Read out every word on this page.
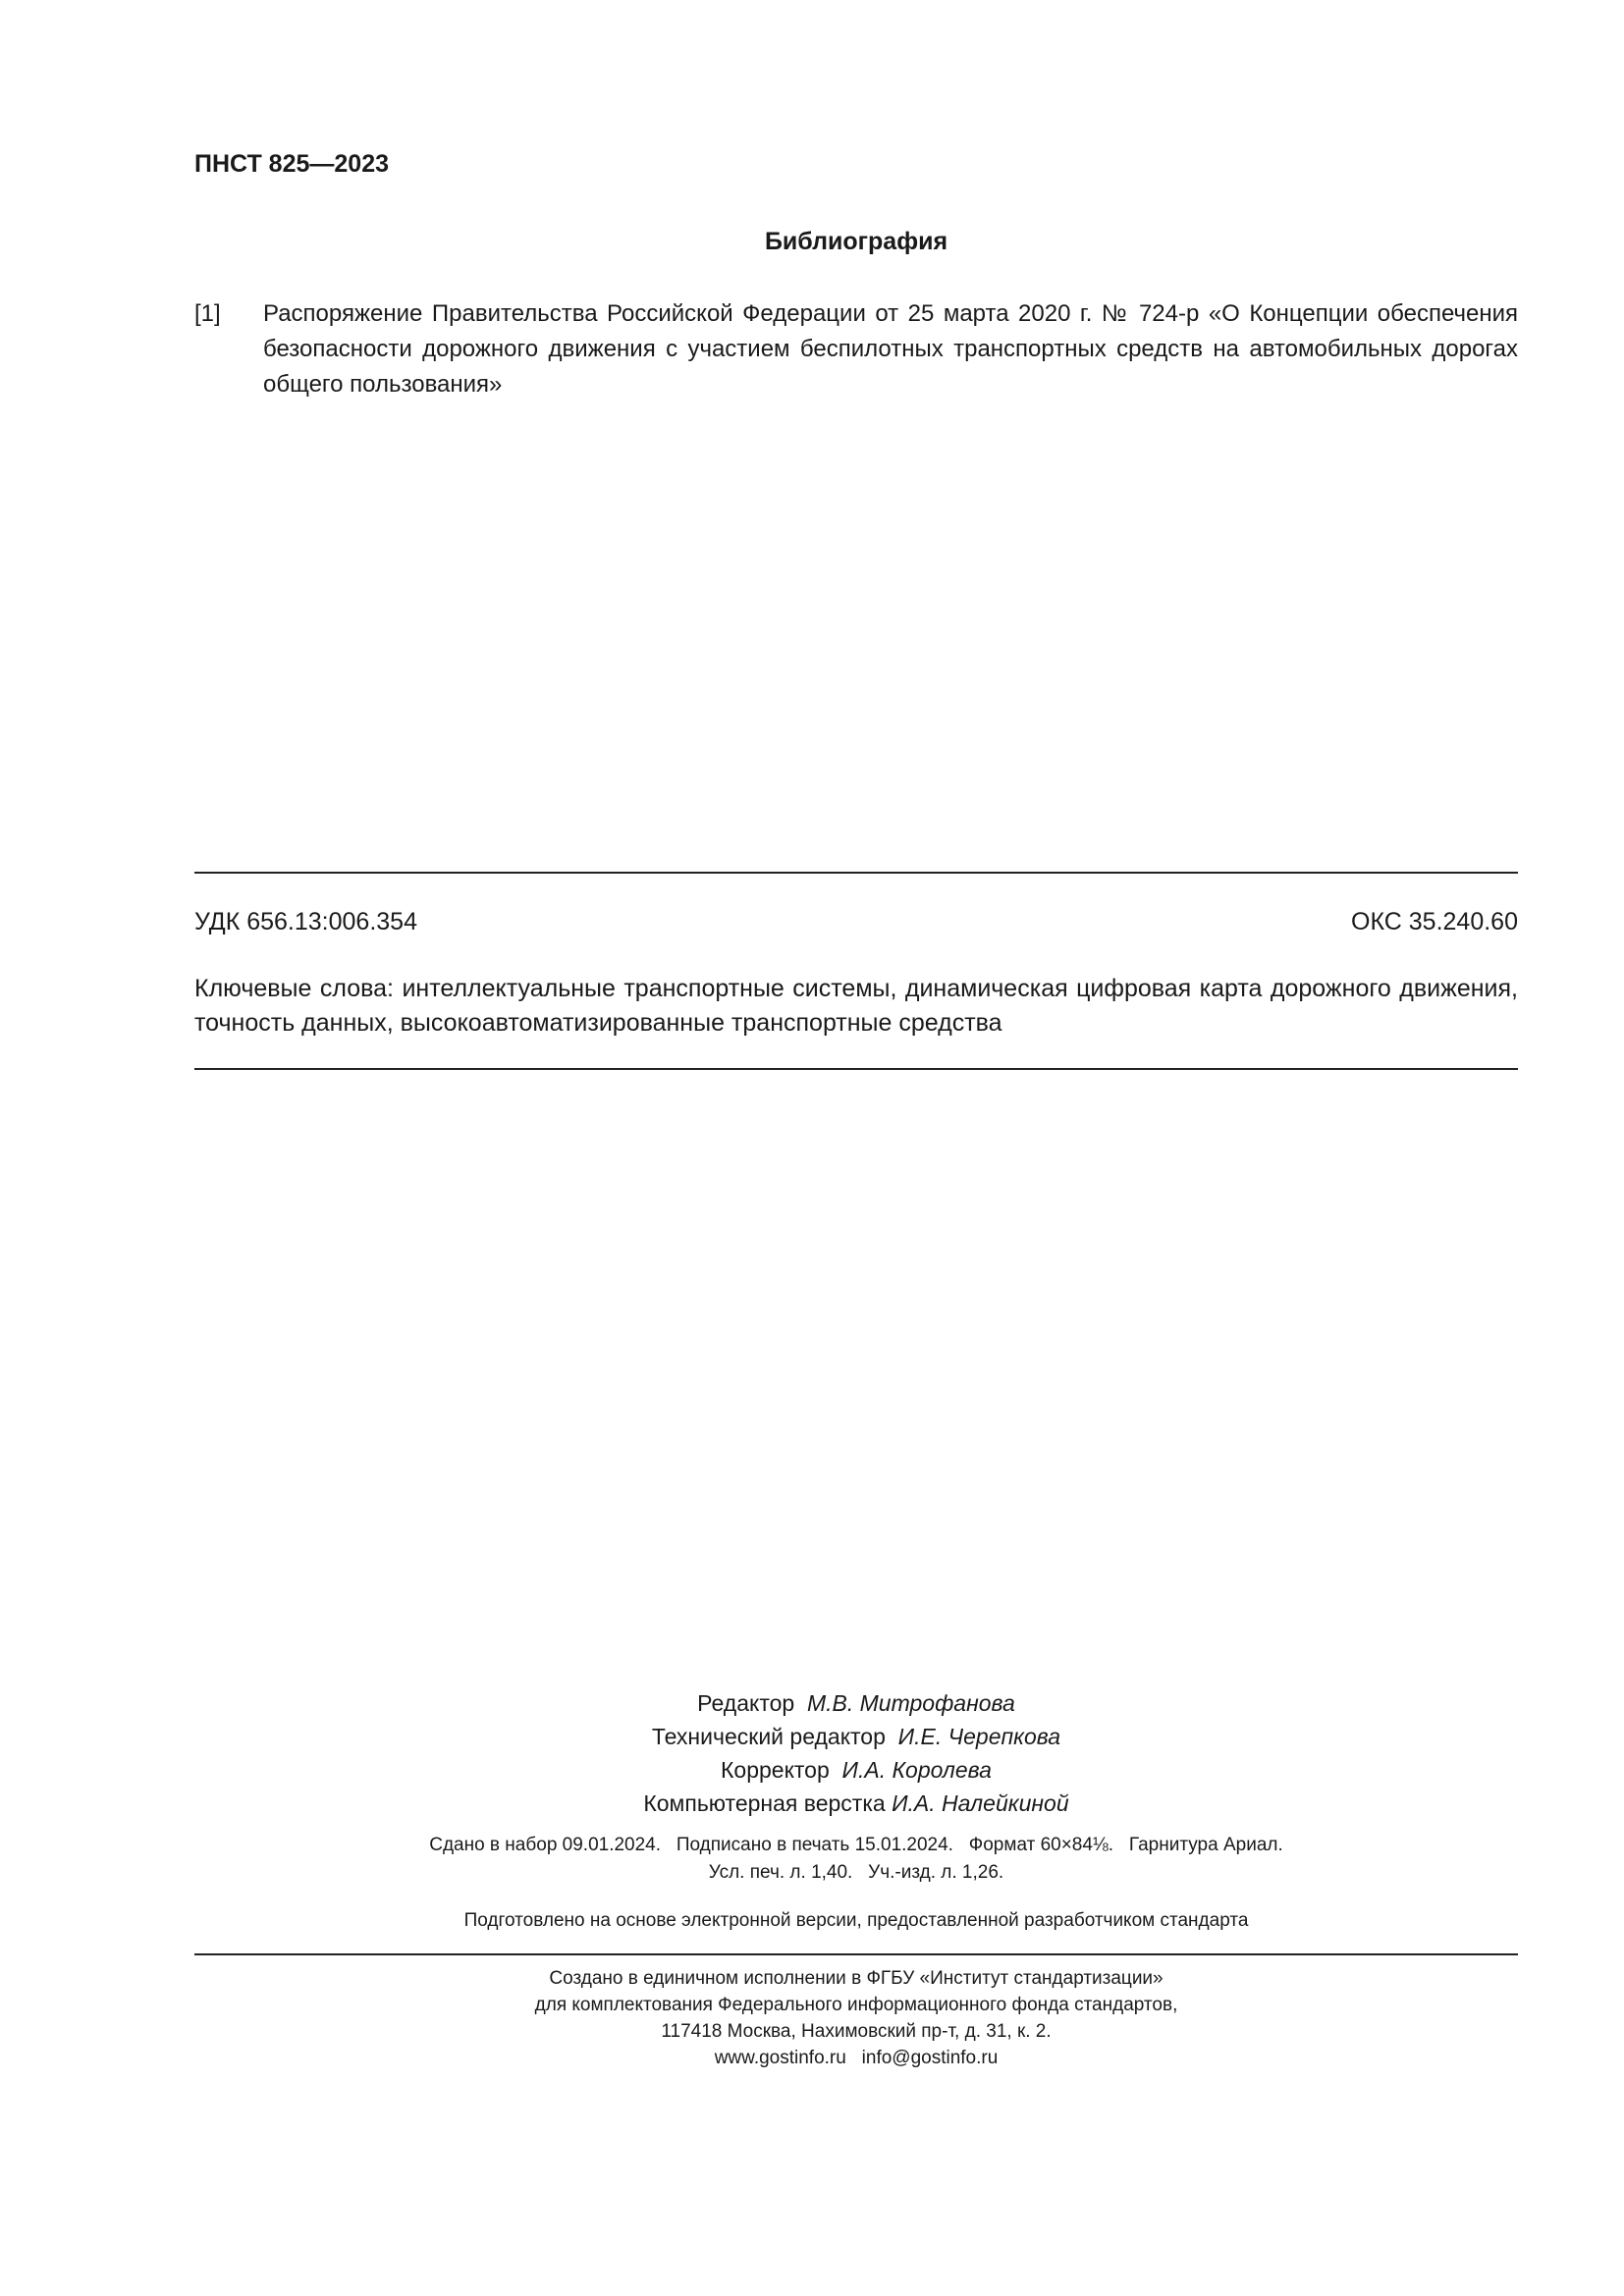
ПНСТ 825—2023
Библиография
[1] Распоряжение Правительства Российской Федерации от 25 марта 2020 г. № 724-р «О Концепции обеспечения безопасности дорожного движения с участием беспилотных транспортных средств на автомобильных дорогах общего пользования»
УДК 656.13:006.354	ОКС 35.240.60
Ключевые слова: интеллектуальные транспортные системы, динамическая цифровая карта дорожного движения, точность данных, высокоавтоматизированные транспортные средства
Редактор М.В. Митрофанова
Технический редактор И.Е. Черепкова
Корректор И.А. Королева
Компьютерная верстка И.А. Налейкиной
Сдано в набор 09.01.2024.   Подписано в печать 15.01.2024.   Формат 60×84⅛.   Гарнитура Ариал.
Усл. печ. л. 1,40.   Уч.-изд. л. 1,26.
Подготовлено на основе электронной версии, предоставленной разработчиком стандарта
Создано в единичном исполнении в ФГБУ «Институт стандартизации»
для комплектования Федерального информационного фонда стандартов,
117418 Москва, Нахимовский пр-т, д. 31, к. 2.
www.gostinfo.ru   info@gostinfo.ru
